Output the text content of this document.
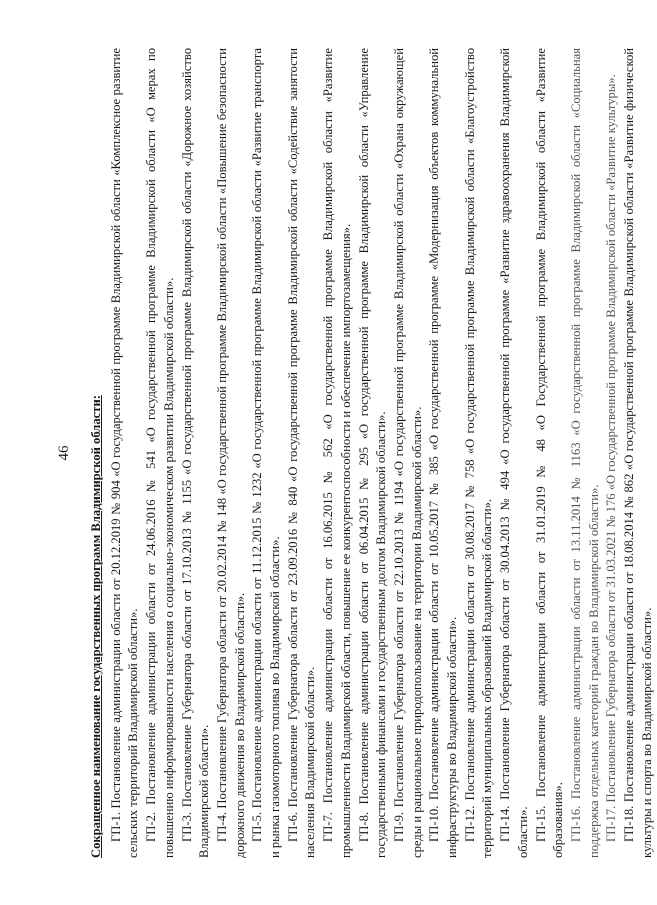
46 Сокращенное наименование государственных программ Владимирской области: ГП-1. Постановление администрации области от 20.12.2019 № 904 «О государственной программе Владимирской области «Комплексное развитие сельских территорий Владимирской области». ГП-2. Постановление администрации области от 24.06.2016 № 541 «О государственной программе Владимирской области «О мерах по повышению информированности населения о социально-экономическом развитии Владимирской области». ГП-3. Постановление Губернатора области от 17.10.2013 № 1155 «О государственной программе Владимирской области «Дорожное хозяйство Владимирской области». ГП-4. Постановление Губернатора области от 20.02.2014 № 148 «О государственной программе Владимирской области «Повышение безопасности дорожного движения во Владимирской области». ГП-5. Постановление администрации области от 11.12.2015 № 1232 «О государственной программе Владимирской области «Развитие транспорта и рынка газомоторного топлива во Владимирской области». ГП-6. Постановление Губернатора области от 23.09.2016 № 840 «О государственной программе Владимирской области «Содействие занятости населения Владимирской области». ГП-7. Постановление администрации области от 16.06.2015 № 562 «О государственной программе Владимирской области «Развитие промышленности Владимирской области, повышение ее конкурентоспособности и обеспечение импортозамещения». ГП-8. Постановление администрации области от 06.04.2015 № 295 «О государственной программе Владимирской области «Управление государственными финансами и государственным долгом Владимирской области». ГП-9. Постановление Губернатора области от 22.10.2013 № 1194 «О государственной программе Владимирской области «Охрана окружающей среды и рациональное природопользование на территории Владимирской области». ГП-10. Постановление администрации области от 10.05.2017 № 385 «О государственной программе «Модернизация объектов коммунальной инфраструктуры во Владимирской области». ГП-12. Постановление администрации области от 30.08.2017 № 758 «О государственной программе Владимирской области «Благоустройство территорий муниципальных образований Владимирской области». ГП-14. Постановление Губернатора области от 30.04.2013 № 494 «О государственной программе «Развитие здравоохранения Владимирской области». ГП-15. Постановление администрации области от 31.01.2019 № 48 «О Государственной программе Владимирской области «Развитие образования». ГП-16. Постановление администрации области от 13.11.2014 № 1163 «О государственной программе Владимирской области «Социальная поддержка отдельных категорий граждан во Владимирской области». ГП-17. Постановление Губернатора области от 31.03.2021 № 176 «О государственной программе Владимирской области «Развитие культуры». ГП-18. Постановление администрации области от 18.08.2014 № 862 «О государственной программе Владимирской области «Развитие физической культуры и спорта во Владимирской области».
